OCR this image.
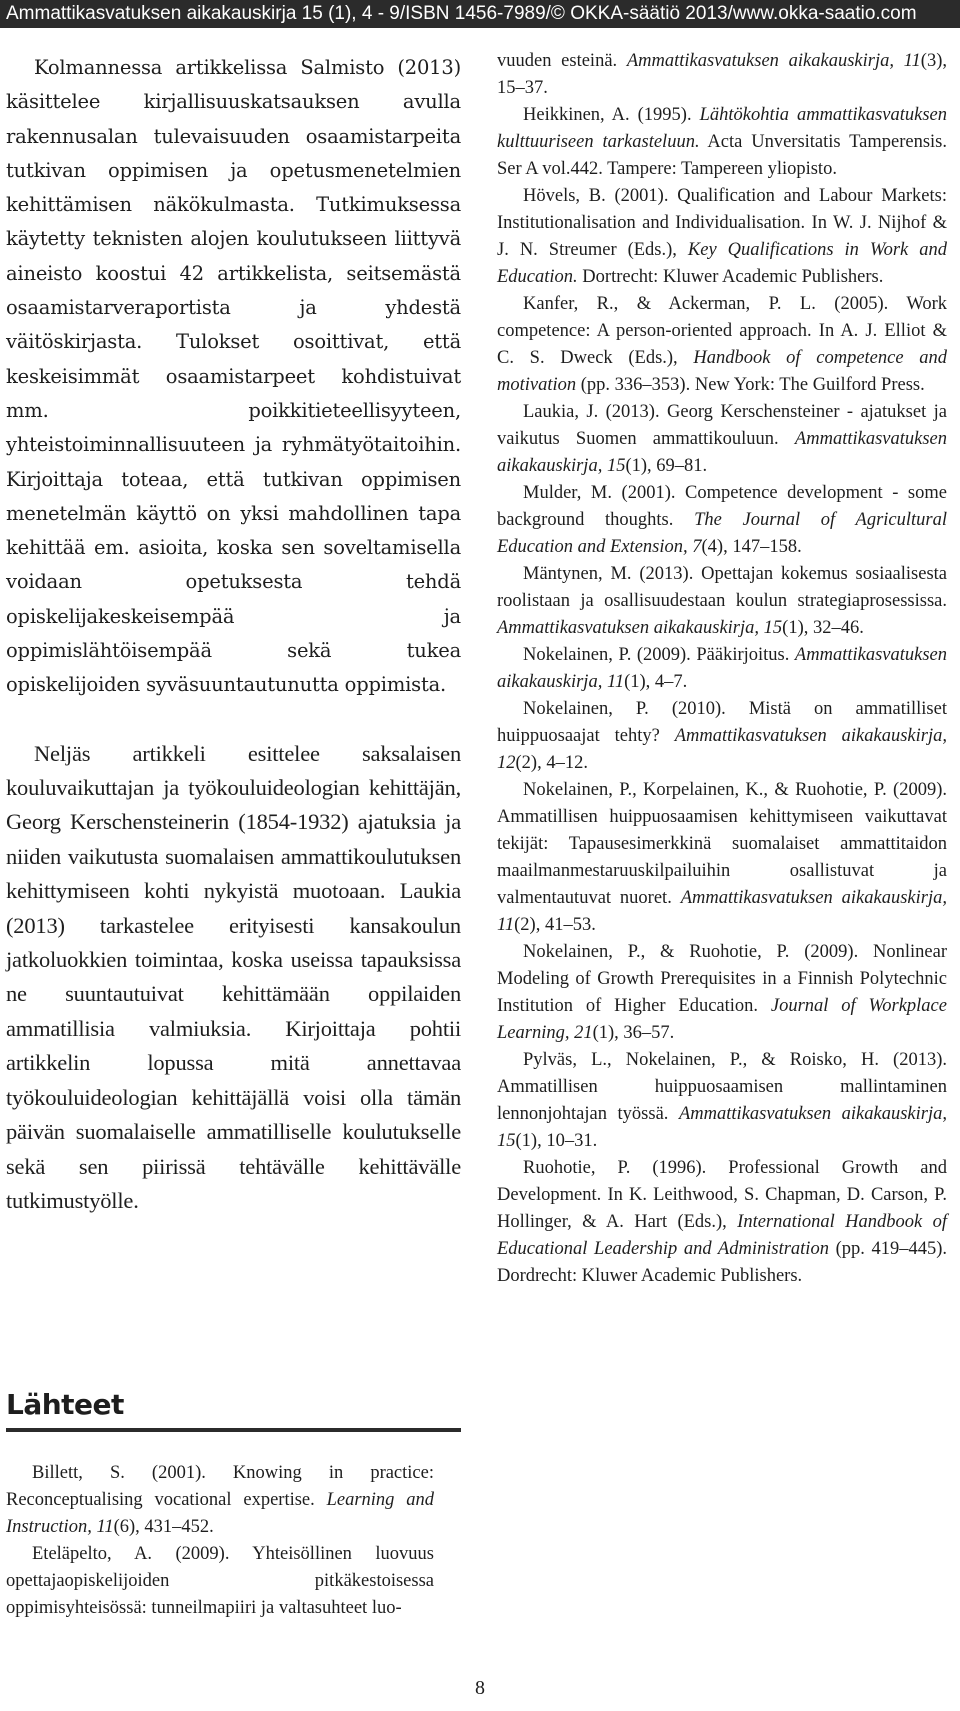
Ammattikasvatuksen aikakauskirja 15 (1), 4 - 9/ISBN 1456-7989/© OKKA-säätiö 2013/www.okka-saatio.com

Kolmannessa artikkelissa Salmisto (2013) käsittelee kirjallisuuskatsauksen avulla rakennusalan tulevaisuuden osaamistarpeita tutkivan oppimisen ja opetusmenetelmien kehittämisen näkökulmasta. Tutkimuksessa käytetty teknisten alojen koulutukseen liittyvä aineisto koostui 42 artikkelista, seitsemästä osaamistarveraportista ja yhdestä väitöskirjasta. Tulokset osoittivat, että keskeisimmät osaamistarpeet kohdistuivat mm. poikkitieteellisyyteen, yhteistoiminnallisuuteen ja ryhmätyötaitoihin. Kirjoittaja toteaa, että tutkivan oppimisen menetelmän käyttö on yksi mahdollinen tapa kehittää em. asioita, koska sen soveltamisella voidaan opetuksesta tehdä opiskelijakeskeisempää ja oppimislähtöisempää sekä tukea opiskelijoiden syväsuuntautunutta oppimista.

Neljäs artikkeli esittelee saksalaisen kouluvaikuttajan ja työkouluideologian kehittäjän, Georg Kerschensteinerin (1854-1932) ajatuksia ja niiden vaikutusta suomalaisen ammattikoulutuksen kehittymiseen kohti nykyistä muotoaan. Laukia (2013) tarkastelee erityisesti kansakoulun jatkoluokkien toimintaa, koska useissa tapauksissa ne suuntautuivat kehittämään oppilaiden ammatillisia valmiuksia. Kirjoittaja pohtii artikkelin lopussa mitä annettavaa työkouluideologian kehittäjällä voisi olla tämän päivän suomalaiselle ammatilliselle koulutukselle sekä sen piirissä tehtävälle kehittävälle tutkimustyölle.

Lähteet

Billett, S. (2001). Knowing in practice: Reconceptualising vocational expertise. Learning and Instruction, 11(6), 431–452.

Eteläpelto, A. (2009). Yhteisöllinen luovuus opettajaopiskelijoiden pitkäkestoisessa oppimisyhteisössä: tunneilmapiiri ja valtasuhteet luo-

vuuden esteinä. Ammattikasvatuksen aikakauskirja, 11(3), 15–37.

Heikkinen, A. (1995). Lähtökohtia ammattikasvatuksen kulttuuriseen tarkasteluun. Acta Unversitatis Tamperensis. Ser A vol.442. Tampere: Tampereen yliopisto.

Hövels, B. (2001). Qualification and Labour Markets: Institutionalisation and Individualisation. In W. J. Nijhof & J. N. Streumer (Eds.), Key Qualifications in Work and Education. Dortrecht: Kluwer Academic Publishers.

Kanfer, R., & Ackerman, P. L. (2005). Work competence: A person-oriented approach. In A. J. Elliot & C. S. Dweck (Eds.), Handbook of competence and motivation (pp. 336–353). New York: The Guilford Press.

Laukia, J. (2013). Georg Kerschensteiner - ajatukset ja vaikutus Suomen ammattikouluun. Ammattikasvatuksen aikakauskirja, 15(1), 69–81.

Mulder, M. (2001). Competence development - some background thoughts. The Journal of Agricultural Education and Extension, 7(4), 147–158.

Mäntynen, M. (2013). Opettajan kokemus sosiaalisesta roolistaan ja osallisuudestaan koulun strategiaprosessissa. Ammattikasvatuksen aikakauskirja, 15(1), 32–46.

Nokelainen, P. (2009). Pääkirjoitus. Ammattikasvatuksen aikakauskirja, 11(1), 4–7.

Nokelainen, P. (2010). Mistä on ammatilliset huippuosaajat tehty? Ammattikasvatuksen aikakauskirja, 12(2), 4–12.

Nokelainen, P., Korpelainen, K., & Ruohotie, P. (2009). Ammatillisen huippuosaamisen kehittymiseen vaikuttavat tekijät: Tapausesimerkkinä suomalaiset ammattitaidon maailmanmestaruuskilpailuihin osallistuvat ja valmentautuvat nuoret. Ammattikasvatuksen aikakauskirja, 11(2), 41–53.

Nokelainen, P., & Ruohotie, P. (2009). Nonlinear Modeling of Growth Prerequisites in a Finnish Polytechnic Institution of Higher Education. Journal of Workplace Learning, 21(1), 36–57.

Pylväs, L., Nokelainen, P., & Roisko, H. (2013). Ammatillisen huippuosaamisen mallintaminen lennonjohtajan työssä. Ammattikasvatuksen aikakauskirja, 15(1), 10–31.

Ruohotie, P. (1996). Professional Growth and Development. In K. Leithwood, S. Chapman, D. Carson, P. Hollinger, & A. Hart (Eds.), International Handbook of Educational Leadership and Administration (pp. 419–445). Dordrecht: Kluwer Academic Publishers.

8
